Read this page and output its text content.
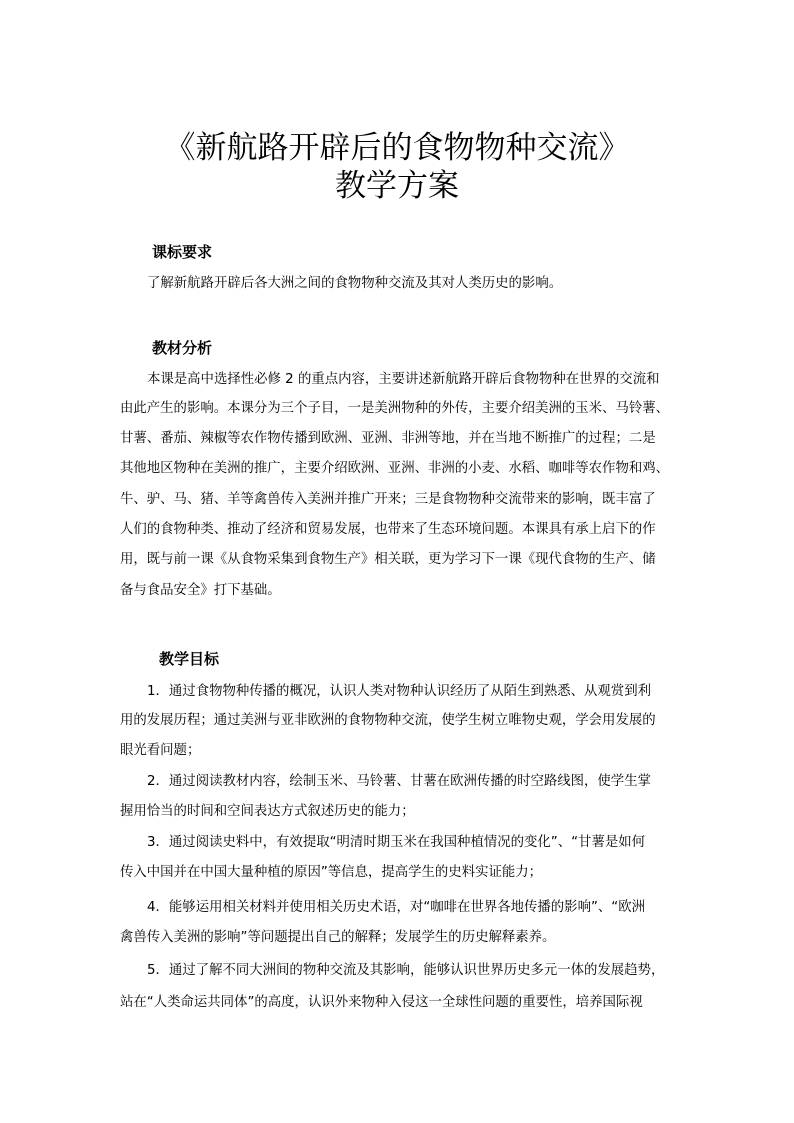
《新航路开辟后的食物物种交流》
教学方案
课标要求

了解新航路开辟后各大洲之间的食物物种交流及其对人类历史的影响。

教材分析

本课是高中选择性必修 2 的重点内容，主要讲述新航路开辟后食物物种在世界的交流和

由此产生的影响。本课分为三个子目，一是美洲物种的外传，主要介绍美洲的玉米、马铃薯、

甘薯、番茄、辣椒等农作物传播到欧洲、亚洲、非洲等地，并在当地不断推广的过程；二是

其他地区物种在美洲的推广，主要介绍欧洲、亚洲、非洲的小麦、水稻、咖啡等农作物和鸡、

牛、驴、马、猪、羊等禽兽传入美洲并推广开来；三是食物物种交流带来的影响，既丰富了

人们的食物种类、推动了经济和贸易发展，也带来了生态环境问题。本课具有承上启下的作

用，既与前一课《从食物采集到食物生产》相关联，更为学习下一课《现代食物的生产、储

备与食品安全》打下基础。

教学目标

1．通过食物物种传播的概况，认识人类对物种认识经历了从陌生到熟悉、从观赏到利

用的发展历程；通过美洲与亚非欧洲的食物物种交流，使学生树立唯物史观，学会用发展的

眼光看问题；

2．通过阅读教材内容，绘制玉米、马铃薯、甘薯在欧洲传播的时空路线图，使学生掌

握用恰当的时间和空间表达方式叙述历史的能力；

3．通过阅读史料中，有效提取“明清时期玉米在我国种植情况的变化”、“甘薯是如何

传入中国并在中国大量种植的原因”等信息，提高学生的史料实证能力；

4．能够运用相关材料并使用相关历史术语，对“咖啡在世界各地传播的影响”、“欧洲

禽兽传入美洲的影响”等问题提出自己的解释；发展学生的历史解释素养。

5．通过了解不同大洲间的物种交流及其影响，能够认识世界历史多元一体的发展趋势，

站在“人类命运共同体”的高度，认识外来物种入侵这一全球性问题的重要性，培养国际视
